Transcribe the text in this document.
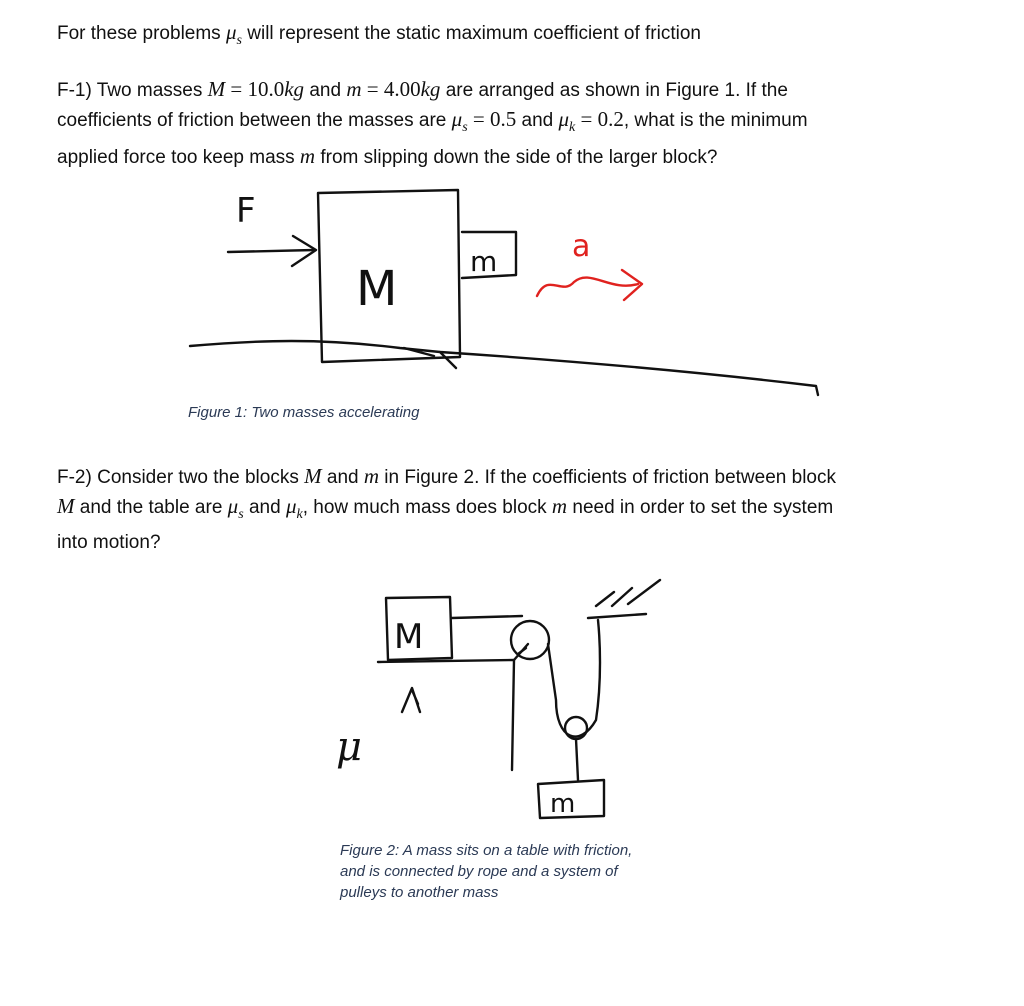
For these problems $\mu_s$ will represent the static maximum coefficient of friction
F-1) Two masses M = 10.0kg and m = 4.00kg are arranged as shown in Figure 1. If the
coefficients of friction between the masses are $\mu_s = 0.5$ and $\mu_k = 0.2$, what is the minimum
applied force too keep mass m from slipping down the side of the larger block?
F
M	m a
Figure 1: Two masses accelerating
F-2) Consider two the blocks M and m in Figure 2. If the coefficients of friction between block
M and the table are $\mu_s$ and $\mu_k$, how much mass does block m need in order to set the system
into motion?
M
m
μ
Figure 2: A mass sits on a table with friction,
and is connected by rope and a system of
pulleys to another mass
